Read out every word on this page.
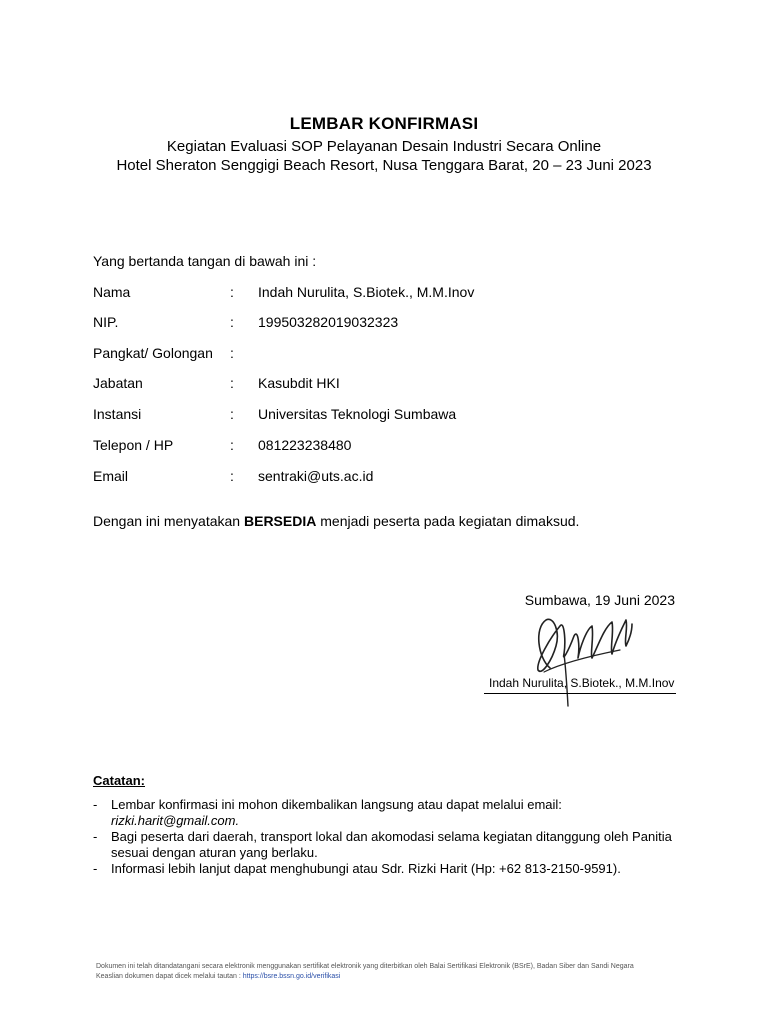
LEMBAR KONFIRMASI
Kegiatan Evaluasi SOP Pelayanan Desain Industri Secara Online
Hotel Sheraton Senggigi Beach Resort, Nusa Tenggara Barat, 20 – 23 Juni 2023
Yang bertanda tangan di bawah ini :
Nama	: Indah Nurulita, S.Biotek., M.M.Inov
NIP.	: 199503282019032323
Pangkat/ Golongan :
Jabatan	: Kasubdit HKI
Instansi	: Universitas Teknologi Sumbawa
Telepon / HP	: 081223238480
Email	: sentraki@uts.ac.id
Dengan ini menyatakan BERSEDIA menjadi peserta pada kegiatan dimaksud.
Sumbawa, 19 Juni 2023
Indah Nurulita, S.Biotek., M.M.Inov
Catatan:
- Lembar konfirmasi ini mohon dikembalikan langsung atau dapat melalui email:
rizki.harit@gmail.com.
- Bagi peserta dari daerah, transport lokal dan akomodasi selama kegiatan ditanggung oleh Panitia sesuai dengan aturan yang berlaku.
- Informasi lebih lanjut dapat menghubungi atau Sdr. Rizki Harit (Hp: +62 813-2150-9591).
Dokumen ini telah ditandatangani secara elektronik menggunakan sertifikat elektronik yang diterbitkan oleh Balai Sertifikasi Elektronik (BSrE), Badan Siber dan Sandi Negara
Keaslian dokumen dapat dicek melalui tautan : https://bsre.bssn.go.id/verifikasi
